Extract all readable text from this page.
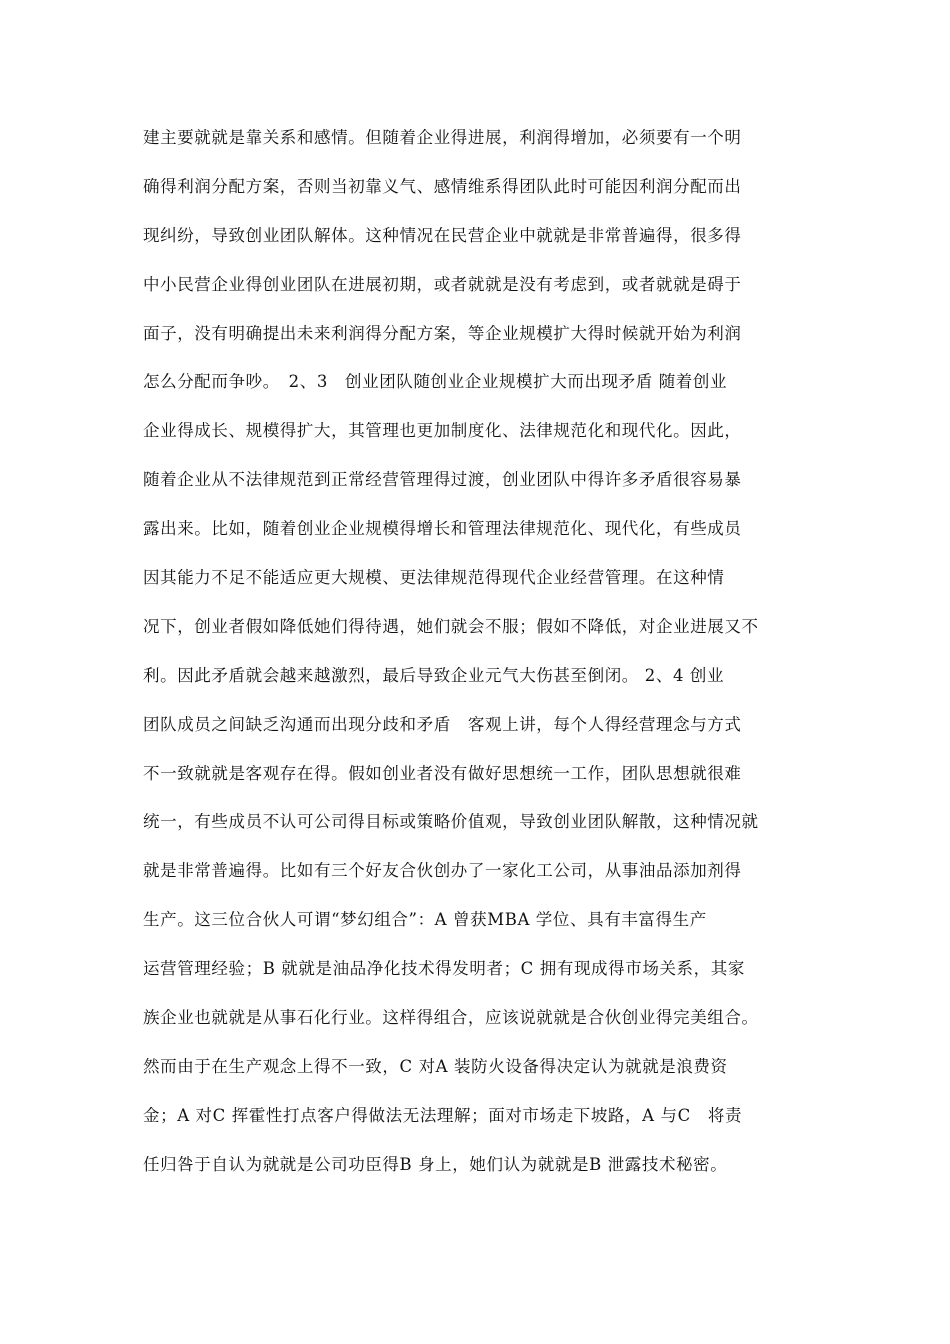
建主要就就是靠关系和感情。但随着企业得进展，利润得增加，必须要有一个明
确得利润分配方案，否则当初靠义气、感情维系得团队此时可能因利润分配而出
现纠纷，导致创业团队解体。这种情况在民营企业中就就是非常普遍得，很多得
中小民营企业得创业团队在进展初期，或者就就是没有考虑到，或者就就是碍于
面子，没有明确提出未来利润得分配方案，等企业规模扩大得时候就开始为利润
怎么分配而争吵。　2、3　创业团队随创业企业规模扩大而出现矛盾 随着创业
企业得成长、规模得扩大，其管理也更加制度化、法律规范化和现代化。因此，
随着企业从不法律规范到正常经营管理得过渡，创业团队中得许多矛盾很容易暴
露出来。比如，随着创业企业规模得增长和管理法律规范化、现代化，有些成员
因其能力不足不能适应更大规模、更法律规范得现代企业经营管理。在这种情
况下，创业者假如降低她们得待遇，她们就会不服；假如不降低，对企业进展又不
利。因此矛盾就会越来越激烈，最后导致企业元气大伤甚至倒闭。 2、4 创业
团队成员之间缺乏沟通而出现分歧和矛盾　客观上讲，每个人得经营理念与方式
不一致就就是客观存在得。假如创业者没有做好思想统一工作，团队思想就很难
统一，有些成员不认可公司得目标或策略价值观，导致创业团队解散，这种情况就
就是非常普遍得。比如有三个好友合伙创办了一家化工公司，从事油品添加剂得
生产。这三位合伙人可谓“梦幻组合”：A 曾获MBA 学位、具有丰富得生产
运营管理经验；B 就就是油品净化技术得发明者；C 拥有现成得市场关系，其家
族企业也就就是从事石化行业。这样得组合，应该说就就是合伙创业得完美组合。
然而由于在生产观念上得不一致，C 对A 装防火设备得决定认为就就是浪费资
金；A 对C 挥霍性打点客户得做法无法理解；面对市场走下坡路，A 与C　将责
任归咎于自认为就就是公司功臣得B 身上，她们认为就就是B 泄露技术秘密。
